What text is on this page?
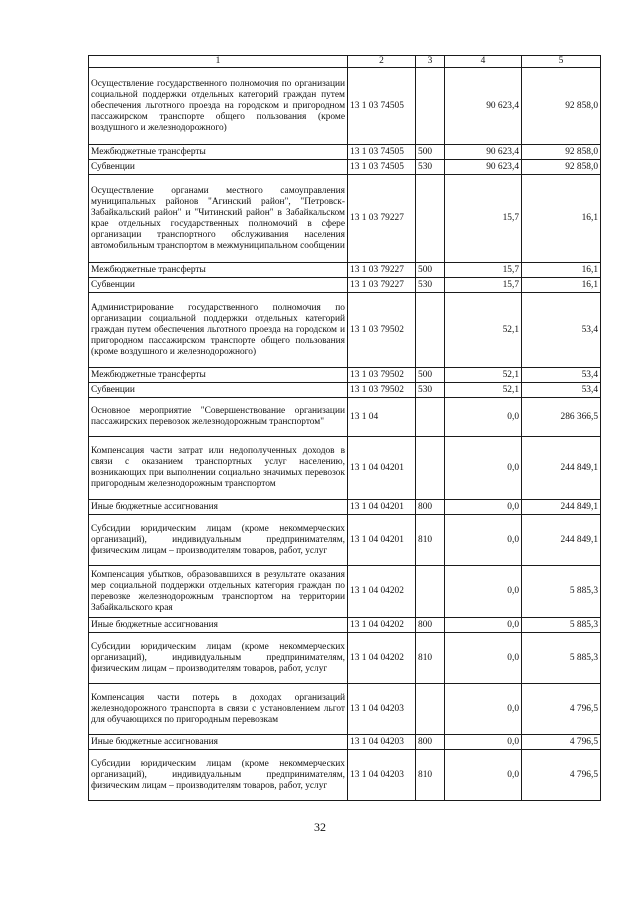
1	2	3	4	5
Осуществление государственного полномочия по организации социальной поддержки отдельных категорий граждан путем обеспечения льготного проезда на городском и пригородном пассажирском транспорте общего пользования (кроме воздушного и железнодорожного)	13 1 03 74505		90 623,4	92 858,0
Межбюджетные трансферты	13 1 03 74505	500	90 623,4	92 858,0
Субвенции	13 1 03 74505	530	90 623,4	92 858,0
Осуществление органами местного самоуправления муниципальных районов "Агинский район", "Петровск-Забайкальский район" и "Читинский район" в Забайкальском крае отдельных государственных полномочий в сфере организации транспортного обслуживания населения автомобильным транспортом в межмуниципальном сообщении	13 1 03 79227		15,7	16,1
Межбюджетные трансферты	13 1 03 79227	500	15,7	16,1
Субвенции	13 1 03 79227	530	15,7	16,1
Администрирование государственного полномочия по организации социальной поддержки отдельных категорий граждан путем обеспечения льготного проезда на городском и пригородном пассажирском транспорте общего пользования (кроме воздушного и железнодорожного)	13 1 03 79502		52,1	53,4
Межбюджетные трансферты	13 1 03 79502	500	52,1	53,4
Субвенции	13 1 03 79502	530	52,1	53,4
Основное мероприятие "Совершенствование организации пассажирских перевозок железнодорожным транспортом"	13 1 04		0,0	286 366,5
Компенсация части затрат или недополученных доходов в связи с оказанием транспортных услуг населению, возникающих при выполнении социально значимых перевозок пригородным железнодорожным транспортом	13 1 04 04201		0,0	244 849,1
Иные бюджетные ассигнования	13 1 04 04201	800	0,0	244 849,1
Субсидии юридическим лицам (кроме некоммерческих организаций), индивидуальным предпринимателям, физическим лицам – производителям товаров, работ, услуг	13 1 04 04201	810	0,0	244 849,1
Компенсация убытков, образовавшихся в результате оказания мер социальной поддержки отдельных категория граждан по перевозке железнодорожным транспортом на территории Забайкальского края	13 1 04 04202		0,0	5 885,3
Иные бюджетные ассигнования	13 1 04 04202	800	0,0	5 885,3
Субсидии юридическим лицам (кроме некоммерческих организаций), индивидуальным предпринимателям, физическим лицам – производителям товаров, работ, услуг	13 1 04 04202	810	0,0	5 885,3
Компенсация части потерь в доходах организаций железнодорожного транспорта в связи с установлением льгот для обучающихся по пригородным перевозкам	13 1 04 04203		0,0	4 796,5
Иные бюджетные ассигнования	13 1 04 04203	800	0,0	4 796,5
Субсидии юридическим лицам (кроме некоммерческих организаций), индивидуальным предпринимателям, физическим лицам – производителям товаров, работ, услуг	13 1 04 04203	810	0,0	4 796,5
32
